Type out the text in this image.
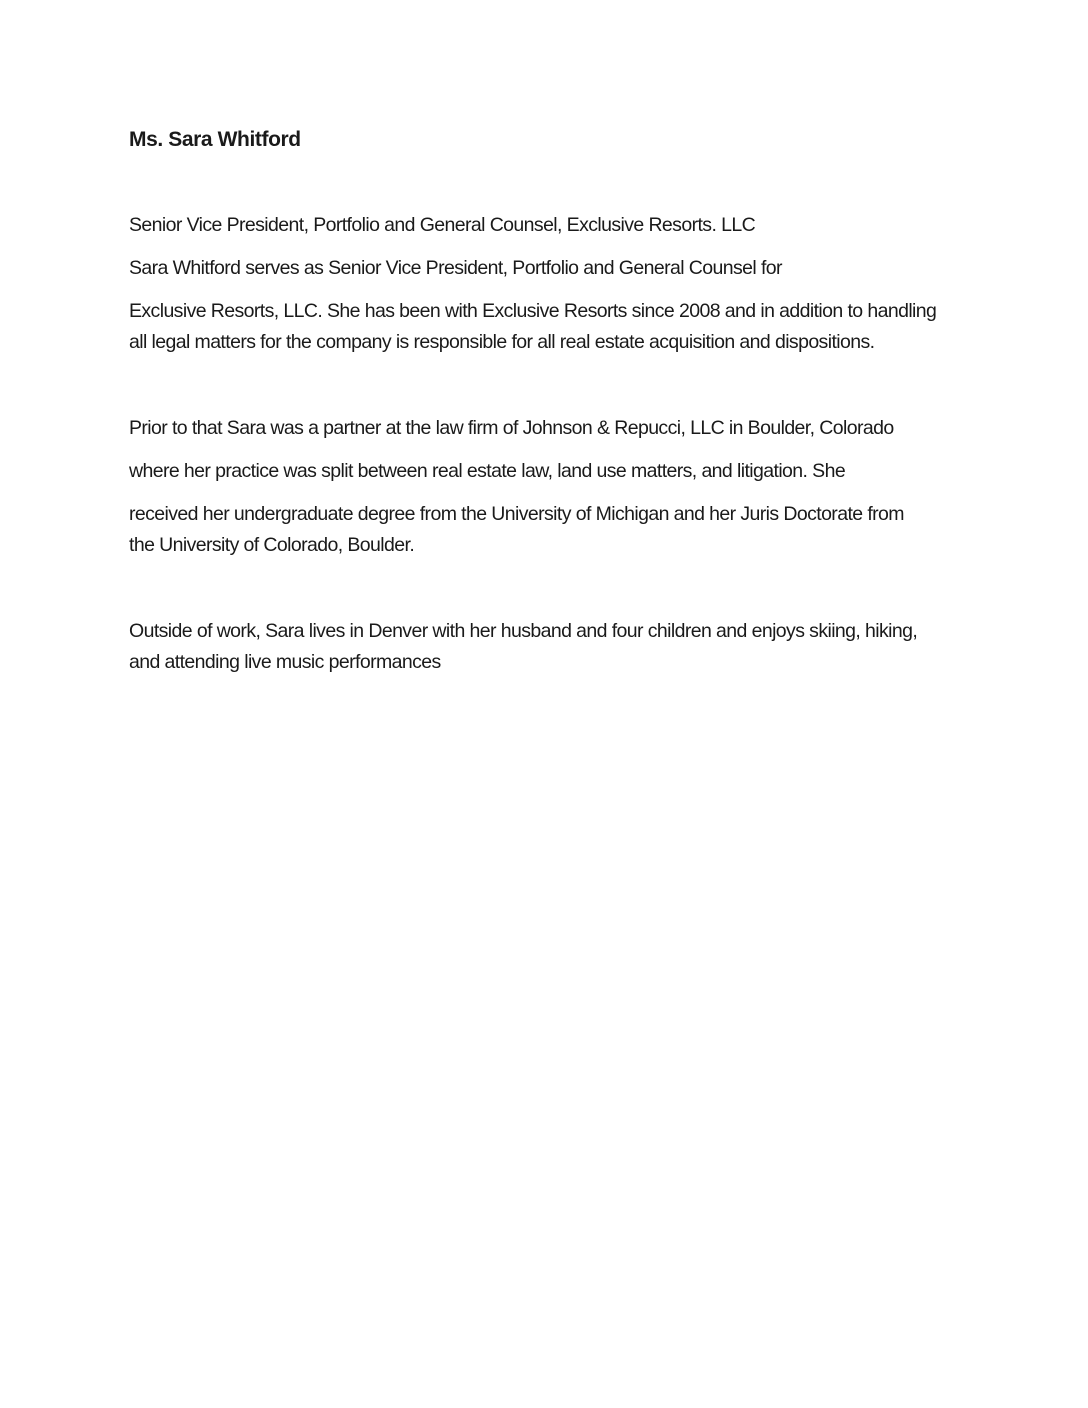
Ms. Sara Whitford
Senior Vice President, Portfolio and General Counsel, Exclusive Resorts. LLC
Sara Whitford serves as Senior Vice President, Portfolio and General Counsel for
Exclusive Resorts, LLC. She has been with Exclusive Resorts since 2008 and in addition to handling
all legal matters for the company is responsible for all real estate acquisition and dispositions.
Prior to that Sara was a partner at the law firm of Johnson & Repucci, LLC in Boulder, Colorado
where her practice was split between real estate law, land use matters, and litigation. She
received her undergraduate degree from the University of Michigan and her Juris Doctorate from
the University of Colorado, Boulder.
Outside of work, Sara lives in Denver with her husband and four children and enjoys skiing, hiking,
and attending live music performances
